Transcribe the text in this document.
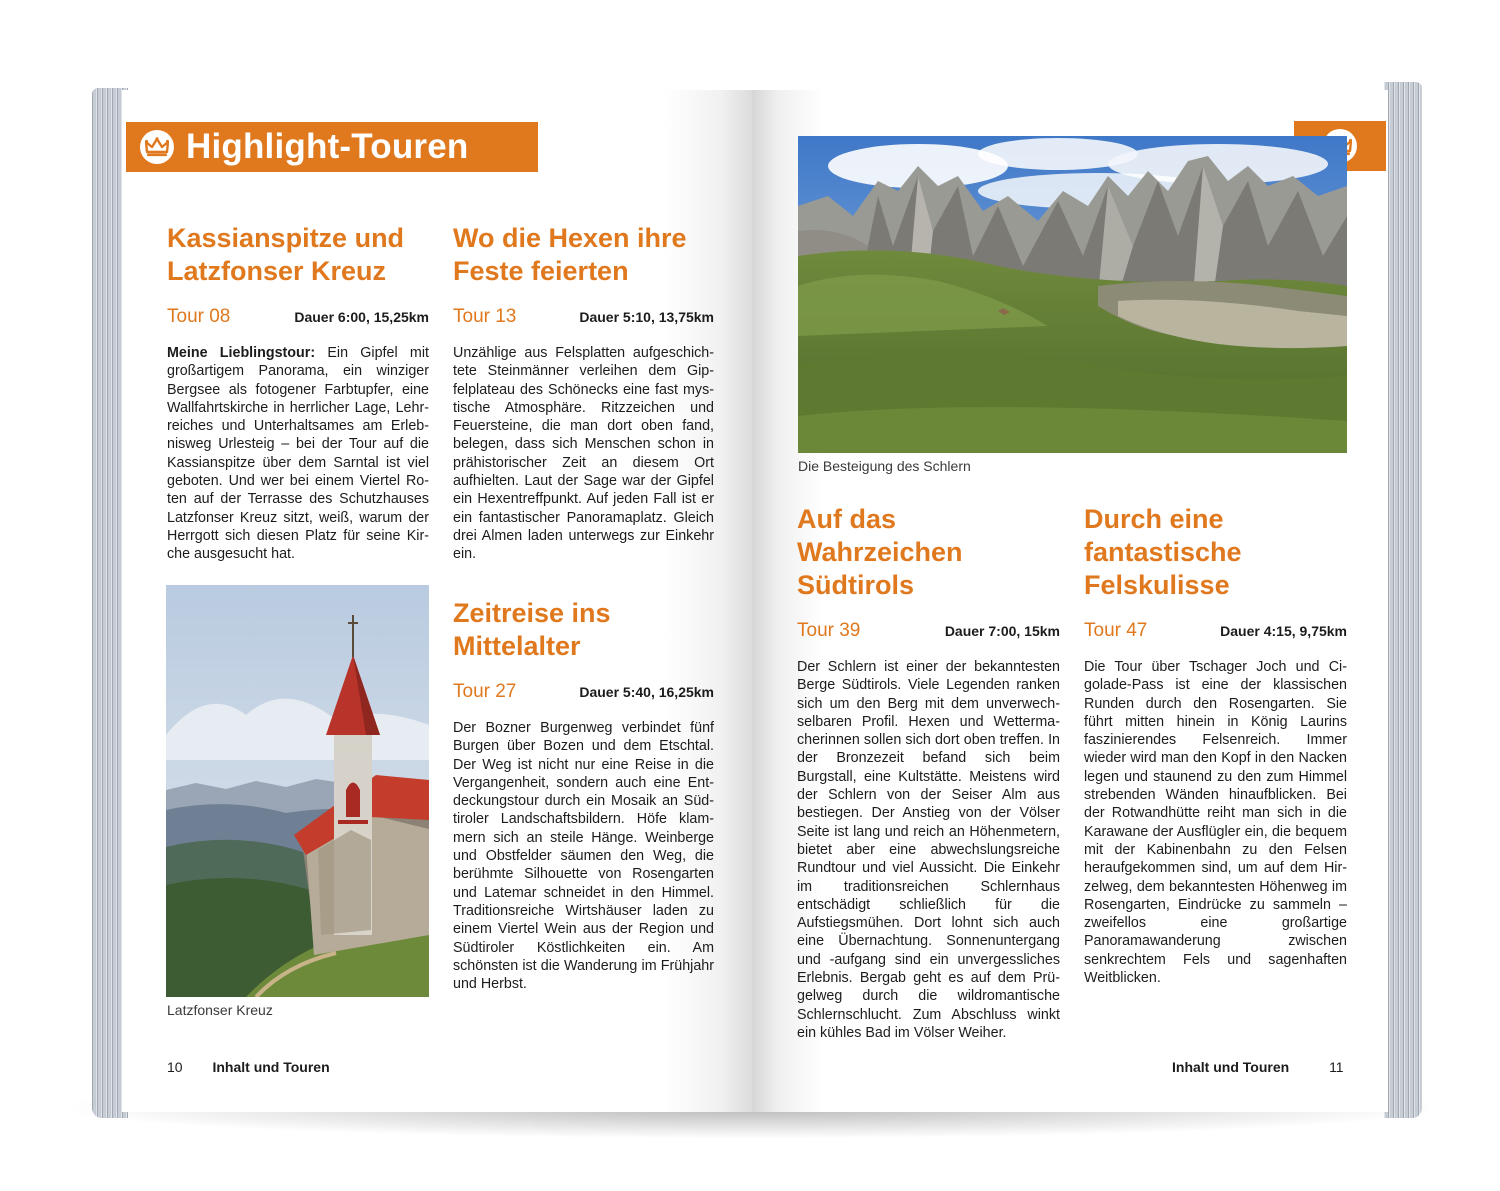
Highlight-Touren
Kassianspitze und
Latzfonser Kreuz
Tour 08	Dauer 6:00, 15,25km

Meine Lieblingstour: Ein Gipfel mit großartigem Panorama, ein winziger Bergsee als fotogener Farbtupfer, eine Wallfahrtskirche in herrlicher Lage, Lehrreiches und Unterhaltsames am Erlebnisweg Urlesteig – bei der Tour auf die Kassianspitze über dem Sarntal ist viel geboten. Und wer bei einem Viertel Roten auf der Terrasse des Schutzhauses Latzfonser Kreuz sitzt, weiß, warum der Herrgott sich diesen Platz für seine Kirche ausgesucht hat.

Latzfonser Kreuz
Wo die Hexen ihre
Feste feierten
Tour 13	Dauer 5:10, 13,75km

Unzählige aus Felsplatten aufgeschichtete Steinmänner verleihen dem Gipfelplateau des Schönecks eine fast mystische Atmosphäre. Ritzzeichen und Feuersteine, die man dort oben fand, belegen, dass sich Menschen schon in prähistorischer Zeit an diesem Ort aufhielten. Laut der Sage war der Gipfel ein Hexentreffpunkt. Auf jeden Fall ist er ein fantastischer Panoramaplatz. Gleich drei Almen laden unterwegs zur Einkehr ein.

Zeitreise ins
Mittelalter
Tour 27	Dauer 5:40, 16,25km

Der Bozner Burgenweg verbindet fünf Burgen über Bozen und dem Etschtal. Der Weg ist nicht nur eine Reise in die Vergangenheit, sondern auch eine Entdeckungstour durch ein Mosaik an Südtiroler Landschaftsbildern. Höfe klammern sich an steile Hänge. Weinberge und Obstfelder säumen den Weg, die berühmte Silhouette von Rosengarten und Latemar schneidet in den Himmel. Traditionsreiche Wirtshäuser laden zu einem Viertel Wein aus der Region und Südtiroler Köstlichkeiten ein. Am schönsten ist die Wanderung im Frühjahr und Herbst.

10 Inhalt und Touren
Die Besteigung des Schlern
Auf das Wahrzeichen
Südtirols
Tour 39	Dauer 7:00, 15km

Der Schlern ist einer der bekanntesten Berge Südtirols. Viele Legenden ranken sich um den Berg mit dem unverwechselbaren Profil. Hexen und Wettermacherinnen sollen sich dort oben treffen. In der Bronzezeit befand sich beim Burgstall, eine Kultstätte. Meistens wird der Schlern von der Seiser Alm aus bestiegen. Der Anstieg von der Völser Seite ist lang und reich an Höhenmetern, bietet aber eine abwechslungsreiche Rundtour und viel Aussicht. Die Einkehr im traditionsreichen Schlernhaus entschädigt schließlich für die Aufstiegsmühen. Dort lohnt sich auch eine Übernachtung. Sonnenuntergang und -aufgang sind ein unvergessliches Erlebnis. Bergab geht es auf dem Prügelweg durch die wildromantische Schlernschlucht. Zum Abschluss winkt ein kühles Bad im Völser Weiher.

Durch eine
fantastische
Felskulisse
Tour 47	Dauer 4:15, 9,75km

Die Tour über Tschager Joch und Cigolade-Pass ist eine der klassischen Runden durch den Rosengarten. Sie führt mitten hinein in König Laurins faszinierendes Felsenreich. Immer wieder wird man den Kopf in den Nacken legen und staunend zu den zum Himmel strebenden Wänden hinaufblicken. Bei der Rotwandhütte reiht man sich in die Karawane der Ausflügler ein, die bequem mit der Kabinenbahn zu den Felsen heraufgekommen sind, um auf dem Hirzelweg, dem bekanntesten Höhenweg im Rosengarten, Eindrücke zu sammeln – zweifellos eine großartige Panoramawanderung zwischen senkrechtem Fels und sagenhaften Weitblicken.

Inhalt und Touren	11
